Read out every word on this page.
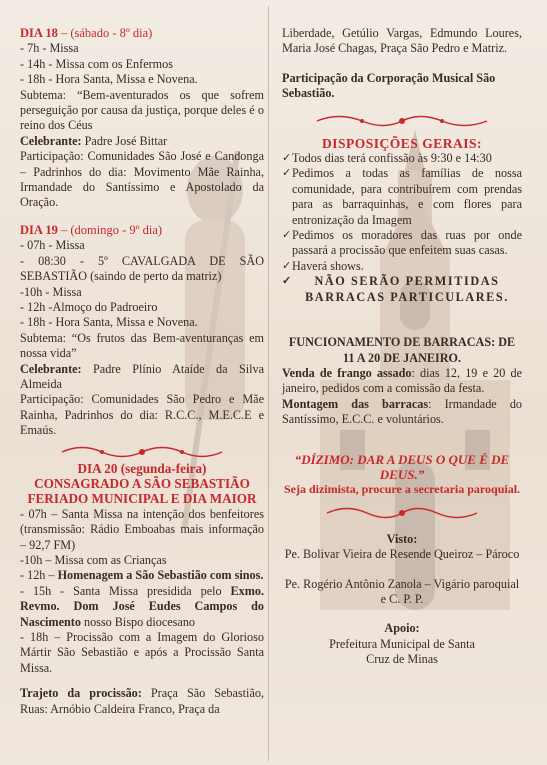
DIA 18 – (sábado - 8º dia)

- 7h - Missa

- 14h - Missa com os Enfermos

- 18h - Hora Santa, Missa e Novena.

Subtema: “Bem-aventurados os que sofrem perseguição por causa da justiça, porque deles é o reino dos Céus

Celebrante: Padre José Bittar

Participação: Comunidades São José e Candonga – Padrinhos do dia: Movimento Mãe Rainha, Irmandade do Santíssimo e Apostolado da Oração.

DIA 19 – (domingo - 9º dia)

- 07h - Missa

- 08:30 - 5º CAVALGADA DE SÃO SEBASTIÃO (saindo de perto da matriz)

-10h - Missa

- 12h -Almoço do Padroeiro

- 18h - Hora Santa, Missa e Novena.

Subtema: “Os frutos das Bem-aventuranças em nossa vida”

Celebrante: Padre Plínio Ataíde da Silva Almeida

Participação: Comunidades São Pedro e Mãe Rainha, Padrinhos do dia: R.C.C., M.E.C.E e Emaús.

DIA 20 (segunda-feira)

CONSAGRADO A SÃO SEBASTIÃO

FERIADO MUNICIPAL E DIA MAIOR

- 07h – Santa Missa na intenção dos benfeitores (transmissão: Rádio Emboabas mais informação – 92,7 FM)

-10h – Missa com as Crianças

- 12h – Homenagem a São Sebastião com sinos.

- 15h - Santa Missa presidida pelo Exmo. Revmo. Dom José Eudes Campos do Nascimento nosso Bispo diocesano

- 18h – Procissão com a Imagem do Glorioso Mártir São Sebastião e após a Procissão Santa Missa.

Trajeto da procissão: Praça São Sebastião, Ruas: Arnóbio Caldeira Franco, Praça da

Liberdade, Getúlio Vargas, Edmundo Loures, Maria José Chagas, Praça São Pedro e Matriz.

Participação da Corporação Musical São Sebastião.

DISPOSIÇÕES GERAIS:

✓ Todos dias terá confissão às 9:30 e 14:30
✓ Pedimos a todas as famílias de nossa comunidade, para contribuírem com prendas para as barraquinhas, e com flores para entronização da Imagem
✓ Pedimos os moradores das ruas por onde passará a procissão que enfeitem suas casas.
✓ Haverá shows.
✓	NÃO SERÃO PERMITIDAS BARRACAS PARTICULARES.

FUNCIONAMENTO DE BARRACAS: DE 11 A 20 DE JANEIRO.

Venda de frango assado: dias 12, 19 e 20 de janeiro, pedidos com a comissão da festa.

Montagem das barracas: Irmandade do Santíssimo, E.C.C. e voluntários.

“DÍZIMO: DAR A DEUS O QUE É DE DEUS.”

Seja dizimista, procure a secretaria paroquial.

Visto:

Pe. Bolivar Vieira de Resende Queiroz – Pároco

Pe. Rogério Antônio Zanola – Vigário paroquial e C. P. P.

Apoio:

Prefeitura Municipal de Santa Cruz de Minas
